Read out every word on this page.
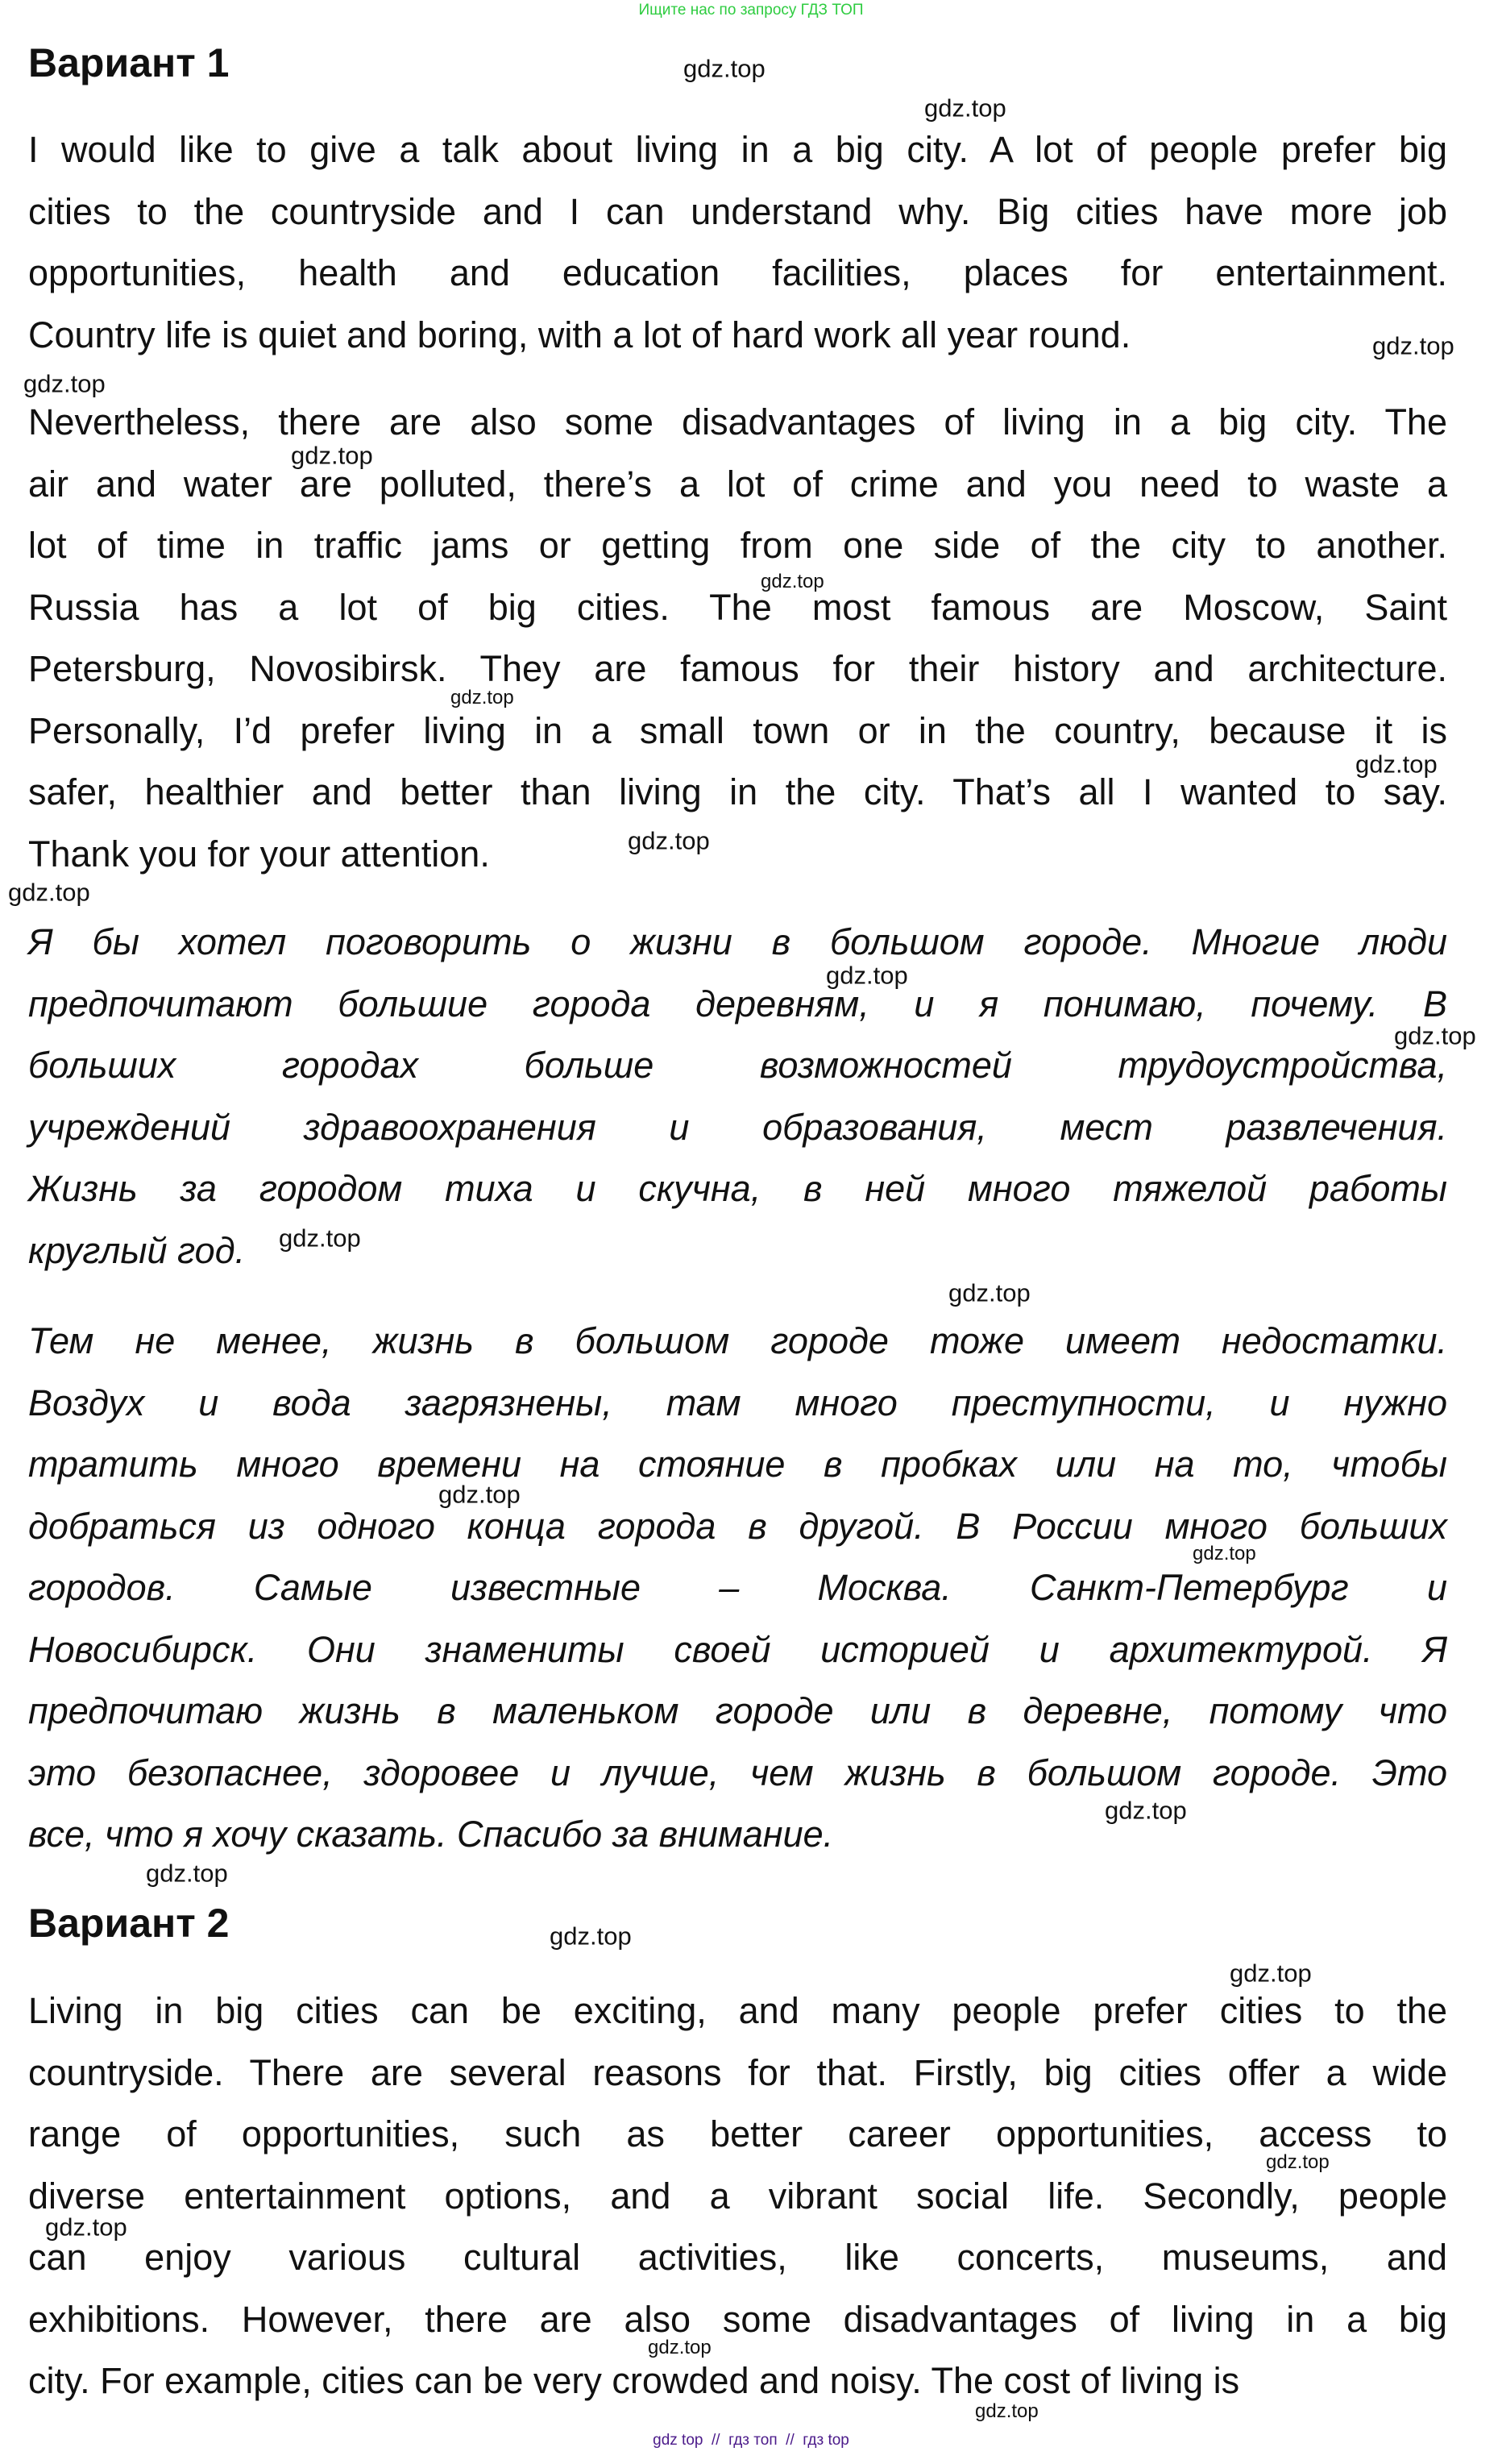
Ищите нас по запросу ГДЗ ТОП
Вариант 1
I would like to give a talk about living in a big city. A lot of people prefer big
cities to the countryside and I can understand why. Big cities have more job
opportunities, health and education facilities, places for entertainment.
Country life is quiet and boring, with a lot of hard work all year round.
Nevertheless, there are also some disadvantages of living in a big city. The
air and water are polluted, there’s a lot of crime and you need to waste a
lot of time in traffic jams or getting from one side of the city to another.
Russia has a lot of big cities. The most famous are Moscow, Saint
Petersburg, Novosibirsk. They are famous for their history and architecture.
Personally, I’d prefer living in a small town or in the country, because it is
safer, healthier and better than living in the city. That’s all I wanted to say.
Thank you for your attention.
Я бы хотел поговорить о жизни в большом городе. Многие люди
предпочитают большие города деревням, и я понимаю, почему. В
больших городах больше возможностей трудоустройства,
учреждений здравоохранения и образования, мест развлечения.
Жизнь за городом тиха и скучна, в ней много тяжелой работы
круглый год.
Тем не менее, жизнь в большом городе тоже имеет недостатки.
Воздух и вода загрязнены, там много преступности, и нужно
тратить много времени на стояние в пробках или на то, чтобы
добраться из одного конца города в другой. В России много больших
городов. Самые известные – Москва. Санкт-Петербург и
Новосибирск. Они знамениты своей историей и архитектурой. Я
предпочитаю жизнь в маленьком городе или в деревне, потому что
это безопаснее, здоровее и лучше, чем жизнь в большом городе. Это
все, что я хочу сказать. Спасибо за внимание.
Вариант 2
Living in big cities can be exciting, and many people prefer cities to the
countryside. There are several reasons for that. Firstly, big cities offer a wide
range of opportunities, such as better career opportunities, access to
diverse entertainment options, and a vibrant social life. Secondly, people
can enjoy various cultural activities, like concerts, museums, and
exhibitions. However, there are also some disadvantages of living in a big
city. For example, cities can be very crowded and noisy. The cost of living is
gdz.top
gdz.top
gdz.top
gdz.top
gdz.top
gdz.top
gdz.top
gdz.top
gdz.top
gdz.top
gdz.top
gdz.top
gdz.top
gdz.top
gdz.top
gdz.top
gdz.top
gdz.top
gdz.top
gdz.top
gdz.top
gdz.top
gdz.top
gdz.top
gdz top  //  гдз топ  //  гдз top
